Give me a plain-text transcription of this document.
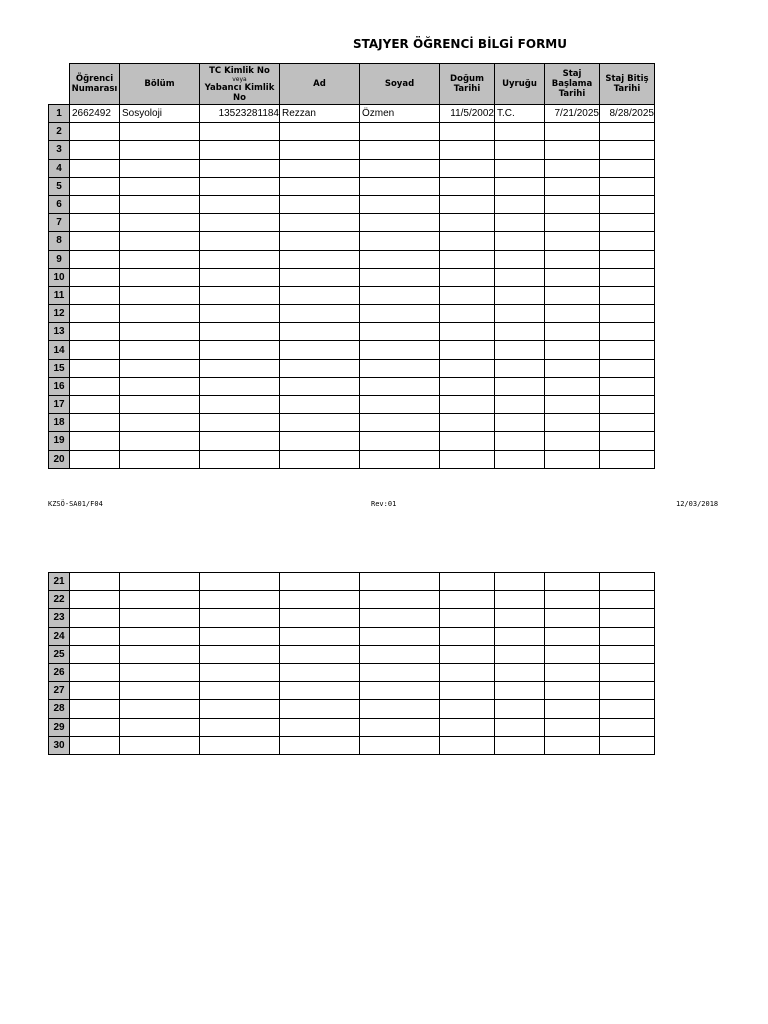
STAJYER ÖĞRENCİ BİLGİ FORMU
	Öğrenci
Numarası	Bölüm	TC Kimlik No
veya
Yabancı Kimlik No	Ad	Soyad	Doğum
Tarihi	Uyruğu	Staj
Başlama
Tarihi	Staj Bitiş
Tarihi
1	2662492	Sosyoloji	13523281184	Rezzan	Özmen	11/5/2002	T.C.	7/21/2025	8/28/2025
2									
3									
4									
5									
6									
7									
8									
9									
10									
11									
12									
13									
14									
15									
16									
17									
18									
19									
20									
KZSÖ-SA01/F04	Rev:01	12/03/2018
21									
22									
23									
24									
25									
26									
27									
28									
29									
30									
